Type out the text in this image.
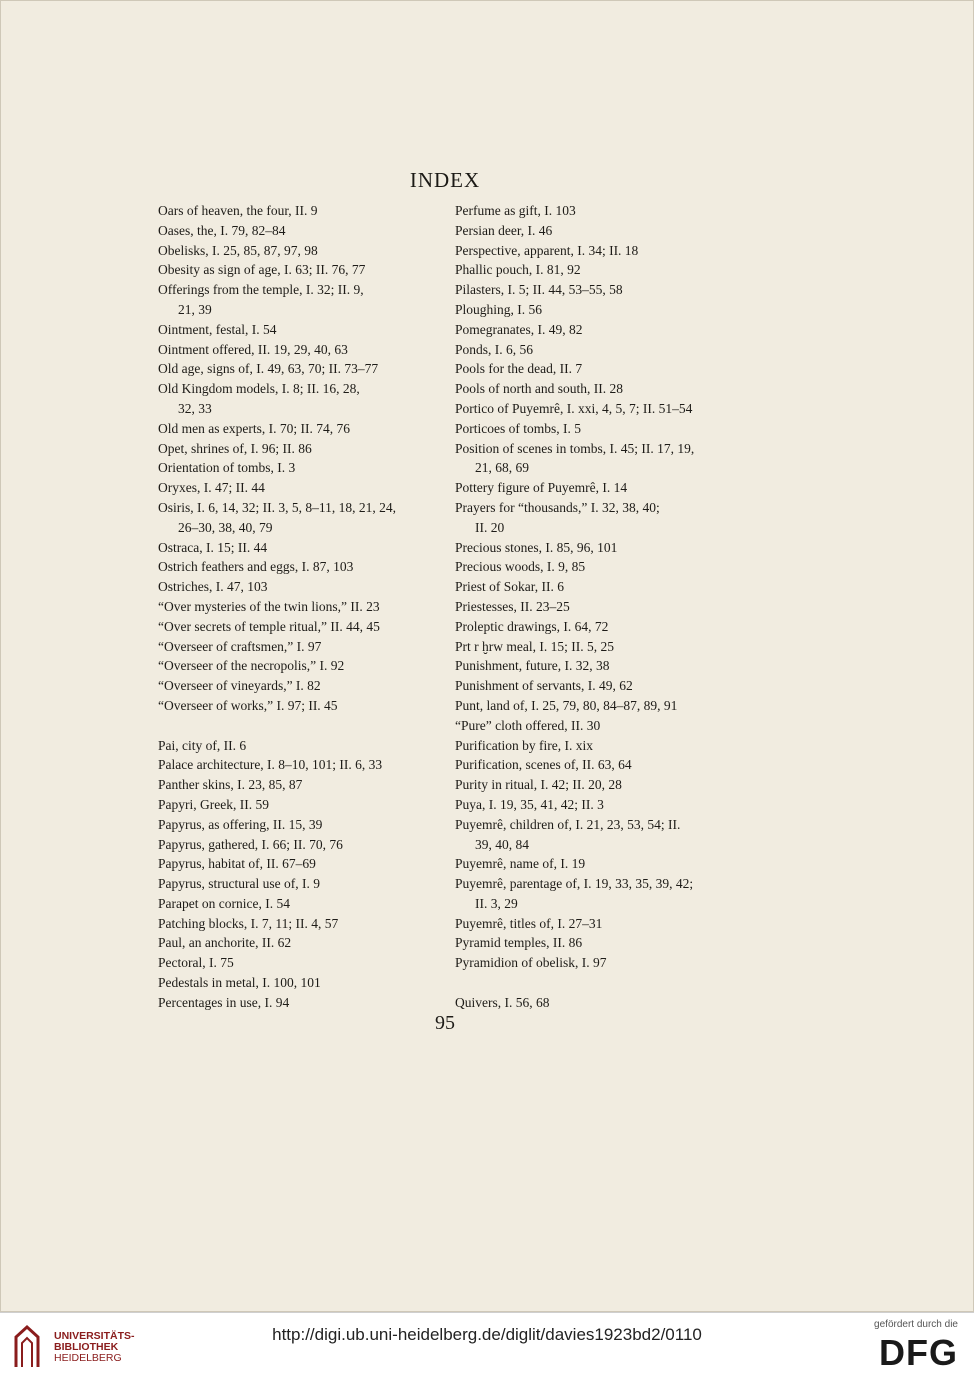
INDEX
Oars of heaven, the four, II. 9
Oases, the, I. 79, 82–84
Obelisks, I. 25, 85, 87, 97, 98
Obesity as sign of age, I. 63; II. 76, 77
Offerings from the temple, I. 32; II. 9,
21, 39
Ointment, festal, I. 54
Ointment offered, II. 19, 29, 40, 63
Old age, signs of, I. 49, 63, 70; II. 73–77
Old Kingdom models, I. 8; II. 16, 28,
32, 33
Old men as experts, I. 70; II. 74, 76
Opet, shrines of, I. 96; II. 86
Orientation of tombs, I. 3
Oryxes, I. 47; II. 44
Osiris, I. 6, 14, 32; II. 3, 5, 8–11, 18, 21, 24,
26–30, 38, 40, 79
Ostraca, I. 15; II. 44
Ostrich feathers and eggs, I. 87, 103
Ostriches, I. 47, 103
“Over mysteries of the twin lions,” II. 23
“Over secrets of temple ritual,” II. 44, 45
“Overseer of craftsmen,” I. 97
“Overseer of the necropolis,” I. 92
“Overseer of vineyards,” I. 82
“Overseer of works,” I. 97; II. 45
Pai, city of, II. 6
Palace architecture, I. 8–10, 101; II. 6, 33
Panther skins, I. 23, 85, 87
Papyri, Greek, II. 59
Papyrus, as offering, II. 15, 39
Papyrus, gathered, I. 66; II. 70, 76
Papyrus, habitat of, II. 67–69
Papyrus, structural use of, I. 9
Parapet on cornice, I. 54
Patching blocks, I. 7, 11; II. 4, 57
Paul, an anchorite, II. 62
Pectoral, I. 75
Pedestals in metal, I. 100, 101
Percentages in use, I. 94
Perfume as gift, I. 103
Persian deer, I. 46
Perspective, apparent, I. 34; II. 18
Phallic pouch, I. 81, 92
Pilasters, I. 5; II. 44, 53–55, 58
Ploughing, I. 56
Pomegranates, I. 49, 82
Ponds, I. 6, 56
Pools for the dead, II. 7
Pools of north and south, II. 28
Portico of Puyemrê, I. xxi, 4, 5, 7; II. 51–54
Porticoes of tombs, I. 5
Position of scenes in tombs, I. 45; II. 17, 19,
21, 68, 69
Pottery figure of Puyemrê, I. 14
Prayers for “thousands,” I. 32, 38, 40;
II. 20
Precious stones, I. 85, 96, 101
Precious woods, I. 9, 85
Priest of Sokar, II. 6
Priestesses, II. 23–25
Proleptic drawings, I. 64, 72
Prt r ḫrw meal, I. 15; II. 5, 25
Punishment, future, I. 32, 38
Punishment of servants, I. 49, 62
Punt, land of, I. 25, 79, 80, 84–87, 89, 91
“Pure” cloth offered, II. 30
Purification by fire, I. xix
Purification, scenes of, II. 63, 64
Purity in ritual, I. 42; II. 20, 28
Puya, I. 19, 35, 41, 42; II. 3
Puyemrê, children of, I. 21, 23, 53, 54; II.
39, 40, 84
Puyemrê, name of, I. 19
Puyemrê, parentage of, I. 19, 33, 35, 39, 42;
II. 3, 29
Puyemrê, titles of, I. 27–31
Pyramid temples, II. 86
Pyramidion of obelisk, I. 97
Quivers, I. 56, 68
95
UNIVERSITÄTS-
BIBLIOTHEK
HEIDELBERG
http://digi.ub.uni-heidelberg.de/diglit/davies1923bd2/0110
gefördert durch die
DFG
